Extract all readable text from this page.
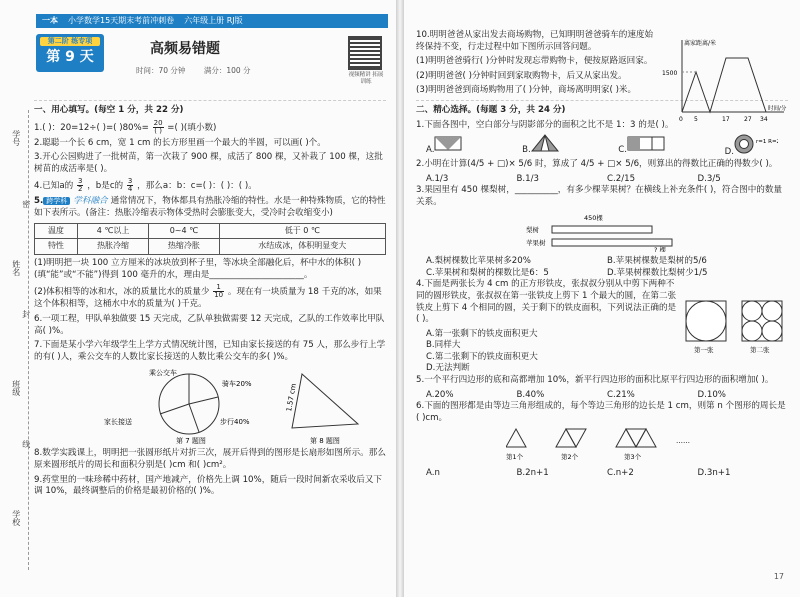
一本 小学数学15天期末考前冲刺卷 六年级上册 RJ版
第二阶 练专项
第 9 天
高频易错题
时间：70 分钟 满分：100 分	视频精讲 拓展训练
学号
姓名
班级
学校
密
封
线
一、用心填写。(每空 1 分，共 22 分)
1.( )：20=12÷( )=( )$80\%= \frac{20}{( )}$ =( )(填小数)
2.聪聪一个长 6 cm，宽 1 cm 的长方形里画一个最大的半圆，可以画( )个。
3.开心公园购进了一批树苗，第一次栽了 900 棵，成活了 800 棵，又补栽了 100 棵，这批树苗的成活率是( )。
4.已知a的 $\frac{3}{2}$ ，b是c的 $\frac{3}{4}$ ，那么a：b：c=( )：( )：( )。
5. 跨学科 学科融合 通常情况下，物体都具有热胀冷缩的特性。水是一种特殊物质，它的特性如下表所示。(备注：热胀冷缩表示物体受热时会膨胀变大，受冷时会收缩变小)
温度	4 ℃以上	0~4 ℃	低于 0 ℃
特性	热胀冷缩	热缩冷胀	水结成冰，体积明显变大
(1)明明把一块 100 立方厘米的冰块放到杯子里，等冰块全部融化后，杯中水的体积( )(填“能”或“不能”)得到 100 毫升的水，理由是______________________。
(2)体积相等的冰和水，冰的质量比水的质量少 $\frac{1}{10}$ 。现在有一块质量为 18 千克的冰，如果这个体积相等，这桶水中水的质量为( )千克。
6.一项工程，甲队单独做要 15 天完成，乙队单独做需要 12 天完成，乙队的工作效率比甲队高( )%。
7.下面是某小学六年级学生上学方式情况统计图，已知由家长接送的有 75 人，那么步行上学的有( )人，乘公交车的人数比家长接送的人数比乘公交车的多( )%。
乘公交车
骑车20%
家长接送	步行40%
第 7 题图
1.57 cm
第 8 题图
8.数学实践课上，明明把一张圆形纸片对折三次，展开后得到的图形是长扇形如图所示。那么原来圆形纸片的周长和面积分别是( )cm 和( )cm²。
9.药堂里的一味珍稀中药材，国产地减产，价格先上调 10%，随后一段时间新农采收后又下调 10%，最终调整后的价格是最初价格的( )%。
10.明明爸爸从家出发去商场购物，已知明明爸爸骑车的速度始终保持不变，行走过程中如下图所示回答问题。
(1)明明爸爸骑行( )分钟时发现忘带购物卡，便按原路返回家。
(2)明明爸爸( )分钟时回到家取购物卡，后又从家出发。
(3)明明爸爸到商场购物用了( )分钟，商场离明明家( )米。
离家距离/米
1500
0 5	17 27 34
时间/分
二、精心选择。(每题 3 分，共 24 分)
1.下面各图中，空白部分与阴影部分的面积之比不是 1：3 的是( )。
A.	B.	C.	D.
r=1 R=2
2.小明在计算(4/5 + □)× 5/6 时，算成了 4/5 + □× 5/6，则算出的得数比正确的得数少( )。
A.1/3	B.1/3	C.2/15	D.3/5
3.果园里有 450 棵梨树，__________，有多少棵苹果树？在横线上补充条件( )，符合图中的数量关系。
450棵
梨树
苹果树
? 棵
A.梨树棵数比苹果树多20%	B.苹果树棵数是梨树的5/6
C.苹果树和梨树的棵数比是6：5	D.苹果树棵数比梨树少1/5
4.下面是两张长为 4 cm 的正方形铁皮，张叔叔分别从中剪下两种不同的圆形铁皮，张叔叔在第一张铁皮上剪下 1 个最大的圆，在第二张铁皮上剪下 4 个相同的圆，关于剩下的铁皮面积，下列说法正确的是( )。
A.第一张剩下的铁皮面积更大
B.同样大
C.第二张剩下的铁皮面积更大
D.无法判断
第一张	第二张
5.一个平行四边形的底和高都增加 10%，新平行四边形的面积比原平行四边形的面积增加( )。
A.20%	B.40%	C.21%	D.10%
6.下面的图形都是由等边三角形组成的，每个等边三角形的边长是 1 cm，则第 n 个图形的周长是( )cm。
第1个	第2个	第3个
……
A.n	B.2n+1	C.n+2	D.3n+1
17
